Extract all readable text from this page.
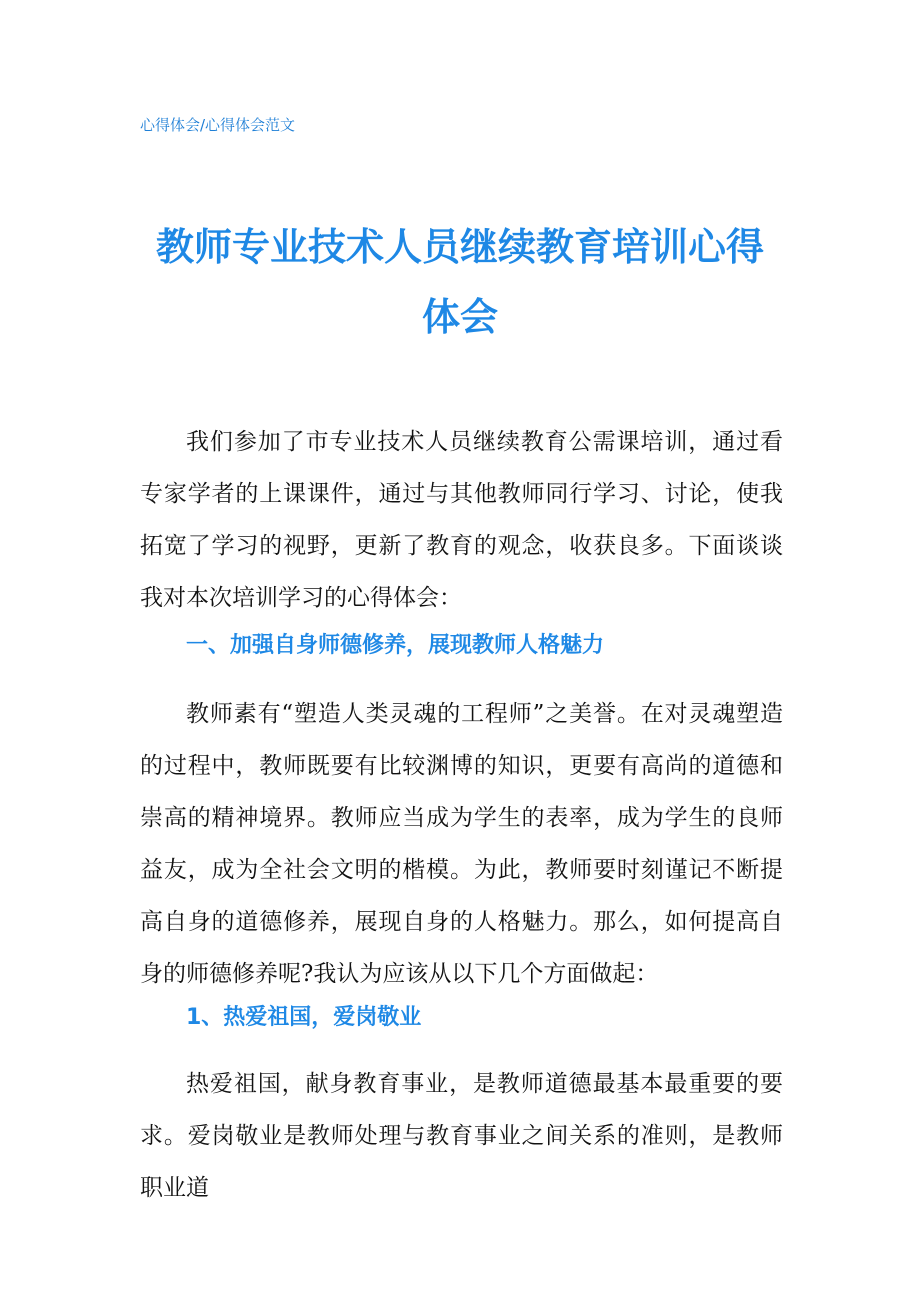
心得体会/心得体会范文
教师专业技术人员继续教育培训心得体会

我们参加了市专业技术人员继续教育公需课培训，通过看专家学者的上课课件，通过与其他教师同行学习、讨论，使我拓宽了学习的视野，更新了教育的观念，收获良多。下面谈谈我对本次培训学习的心得体会：

一、加强自身师德修养，展现教师人格魅力

教师素有“塑造人类灵魂的工程师”之美誉。在对灵魂塑造的过程中，教师既要有比较渊博的知识，更要有高尚的道德和崇高的精神境界。教师应当成为学生的表率，成为学生的良师益友，成为全社会文明的楷模。为此，教师要时刻谨记不断提高自身的道德修养，展现自身的人格魅力。那么，如何提高自身的师德修养呢?我认为应该从以下几个方面做起：

1、热爱祖国，爱岗敬业

热爱祖国，献身教育事业，是教师道德最基本最重要的要求。爱岗敬业是教师处理与教育事业之间关系的准则，是教师职业道
